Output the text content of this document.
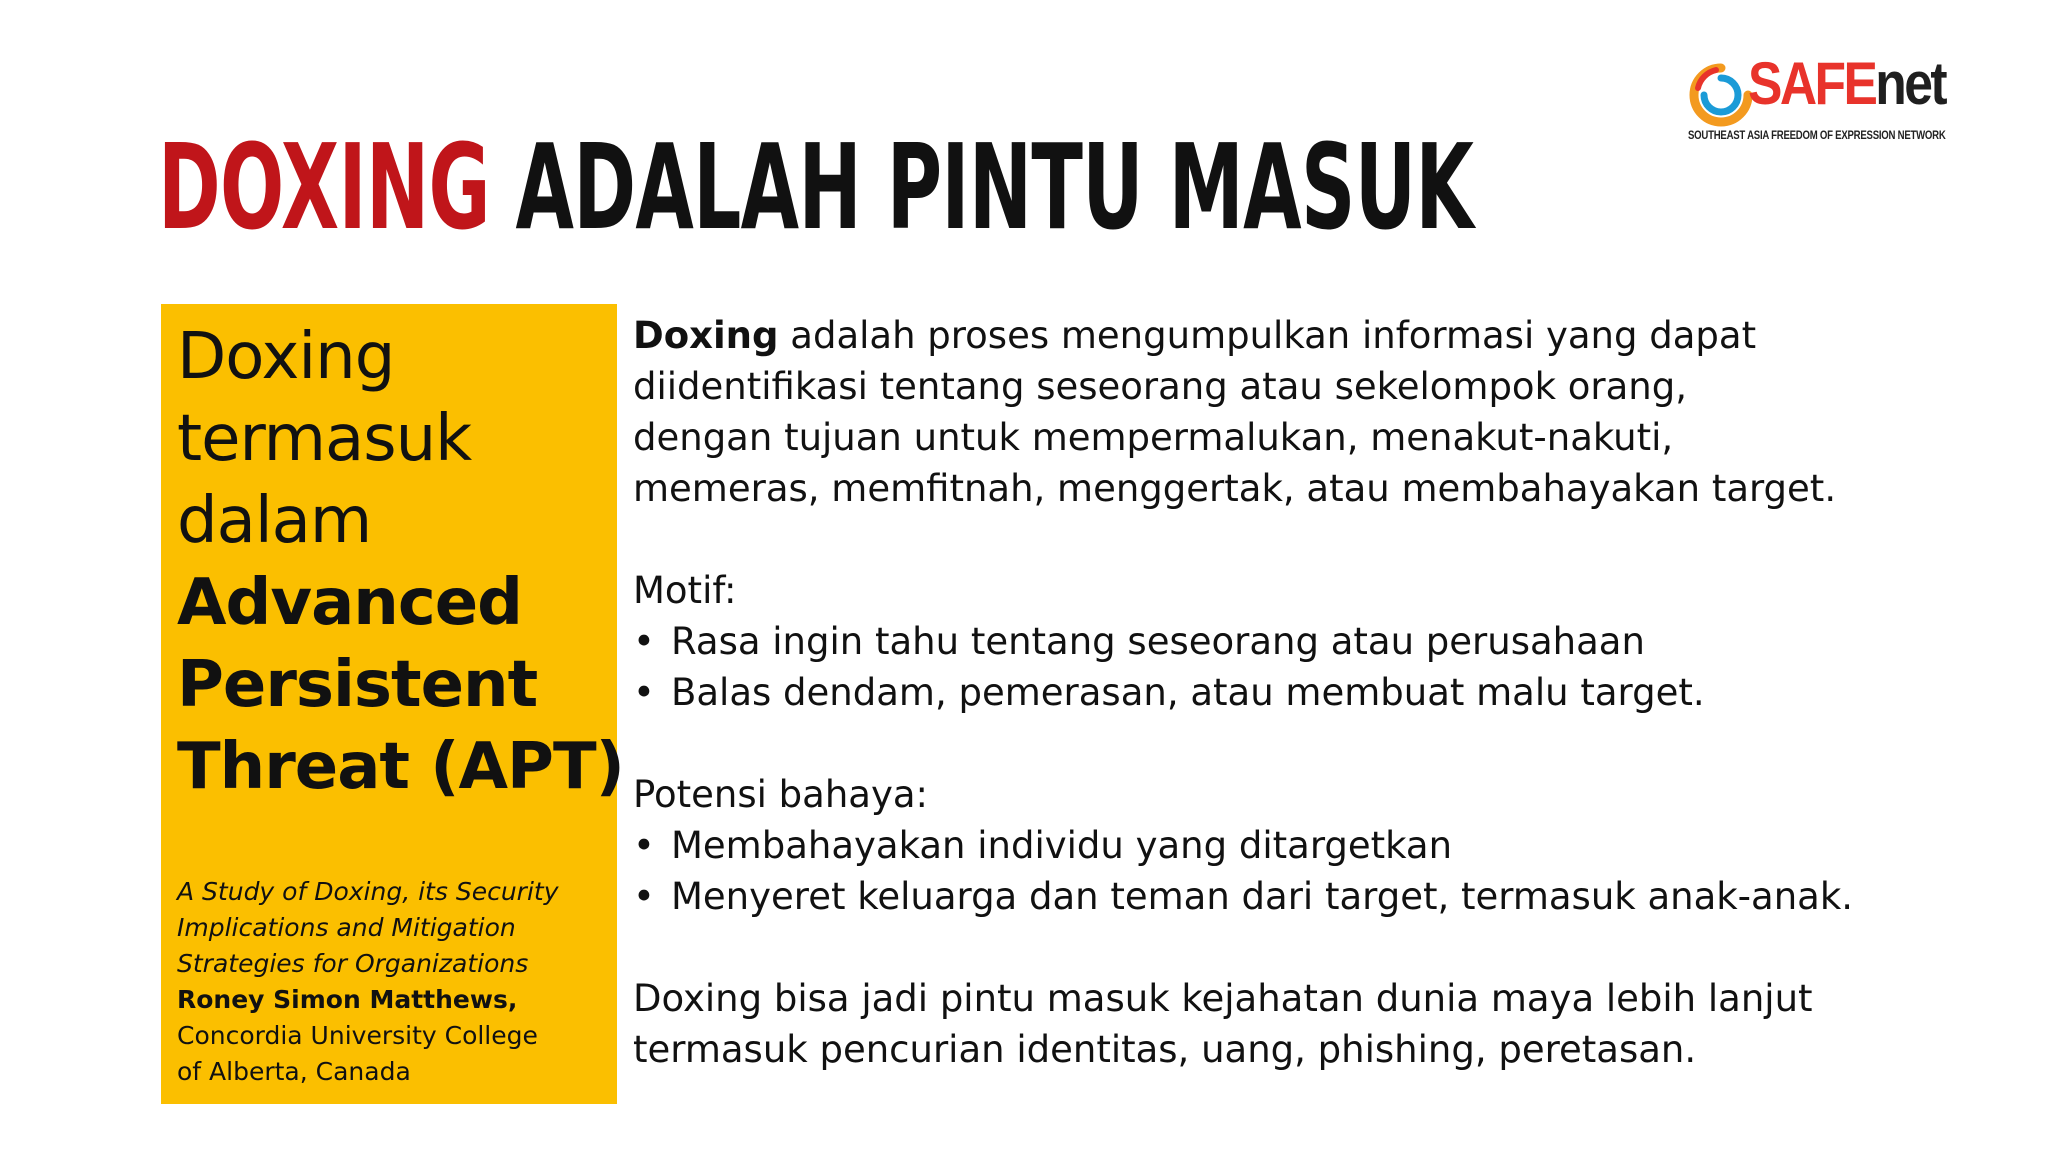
SAFEnet
SOUTHEAST ASIA FREEDOM OF EXPRESSION NETWORK
DOXING ADALAH PINTU MASUK
Doxing
termasuk
dalam
Advanced
Persistent
Threat (APT)
A Study of Doxing, its Security
Implications and Mitigation
Strategies for Organizations
Roney Simon Matthews,
Concordia University College
of Alberta, Canada
Doxing adalah proses mengumpulkan informasi yang dapat
diidentifikasi tentang seseorang atau sekelompok orang,
dengan tujuan untuk mempermalukan, menakut-nakuti,
memeras, memfitnah, menggertak, atau membahayakan target.
Motif:
• Rasa ingin tahu tentang seseorang atau perusahaan
• Balas dendam, pemerasan, atau membuat malu target.
Potensi bahaya:
• Membahayakan individu yang ditargetkan
• Menyeret keluarga dan teman dari target, termasuk anak-anak.
Doxing bisa jadi pintu masuk kejahatan dunia maya lebih lanjut
termasuk pencurian identitas, uang, phishing, peretasan.
